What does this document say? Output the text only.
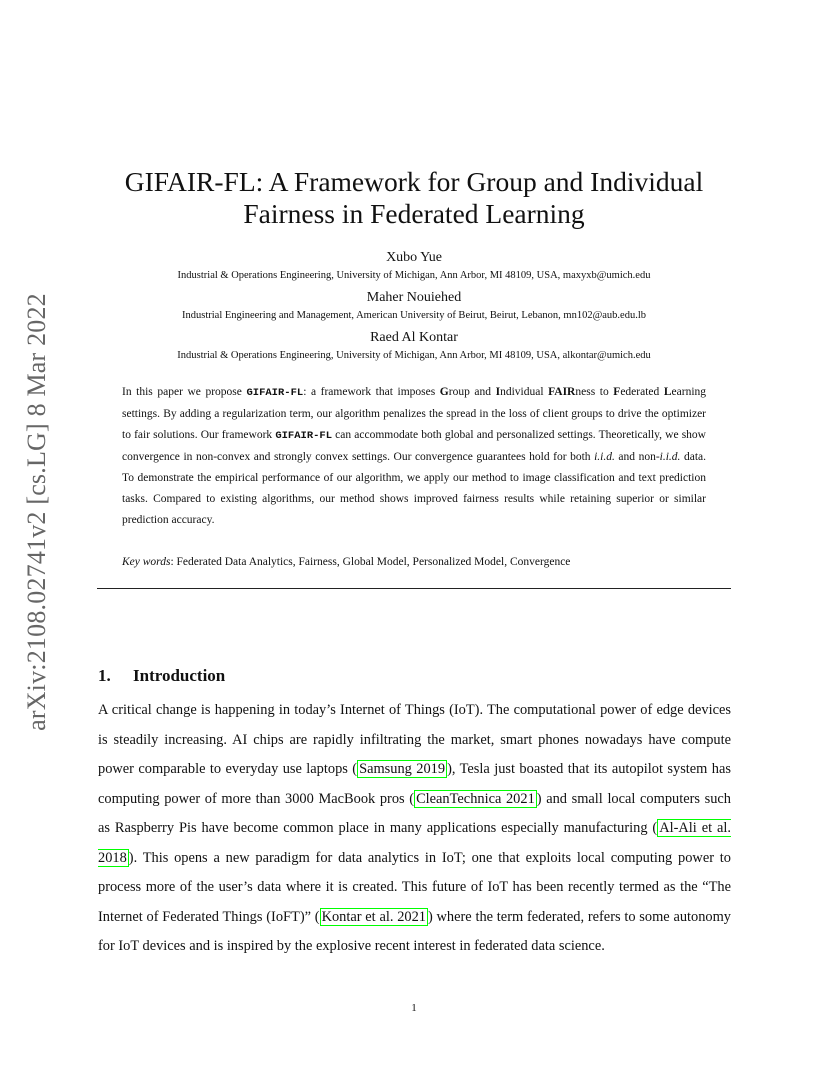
arXiv:2108.02741v2 [cs.LG] 8 Mar 2022
GIFAIR-FL: A Framework for Group and Individual
Fairness in Federated Learning
Xubo Yue
Industrial & Operations Engineering, University of Michigan, Ann Arbor, MI 48109, USA, maxyxb@umich.edu
Maher Nouiehed
Industrial Engineering and Management, American University of Beirut, Beirut, Lebanon, mn102@aub.edu.lb
Raed Al Kontar
Industrial & Operations Engineering, University of Michigan, Ann Arbor, MI 48109, USA, alkontar@umich.edu

In this paper we propose GIFAIR-FL: a framework that imposes Group and Individual FAIRness to Federated Learning settings. By adding a regularization term, our algorithm penalizes the spread in the loss of client groups to drive the optimizer to fair solutions. Our framework GIFAIR-FL can accommodate both global and personalized settings. Theoretically, we show convergence in non-convex and strongly convex settings. Our convergence guarantees hold for both i.i.d. and non-i.i.d. data. To demonstrate the empirical performance of our algorithm, we apply our method to image classification and text prediction tasks. Compared to existing algorithms, our method shows improved fairness results while retaining superior or similar prediction accuracy.

Key words: Federated Data Analytics, Fairness, Global Model, Personalized Model, Convergence
1. Introduction

A critical change is happening in today’s Internet of Things (IoT). The computational power of edge devices is steadily increasing. AI chips are rapidly infiltrating the market, smart phones nowadays have compute power comparable to everyday use laptops ( Samsung 2019 ), Tesla just boasted that its autopilot system has computing power of more than 3000 MacBook pros ( CleanTechnica 2021 ) and small local computers such as Raspberry Pis have become common place in many applications especially manufacturing ( Al-Ali et al. 2018 ). This opens a new paradigm for data analytics in IoT; one that exploits local computing power to process more of the user’s data where it is created. This future of IoT has been recently termed as the “The Internet of Federated Things (IoFT)” ( Kontar et al. 2021 ) where the term federated, refers to some autonomy for IoT devices and is inspired by the explosive recent interest in federated data science.

1
